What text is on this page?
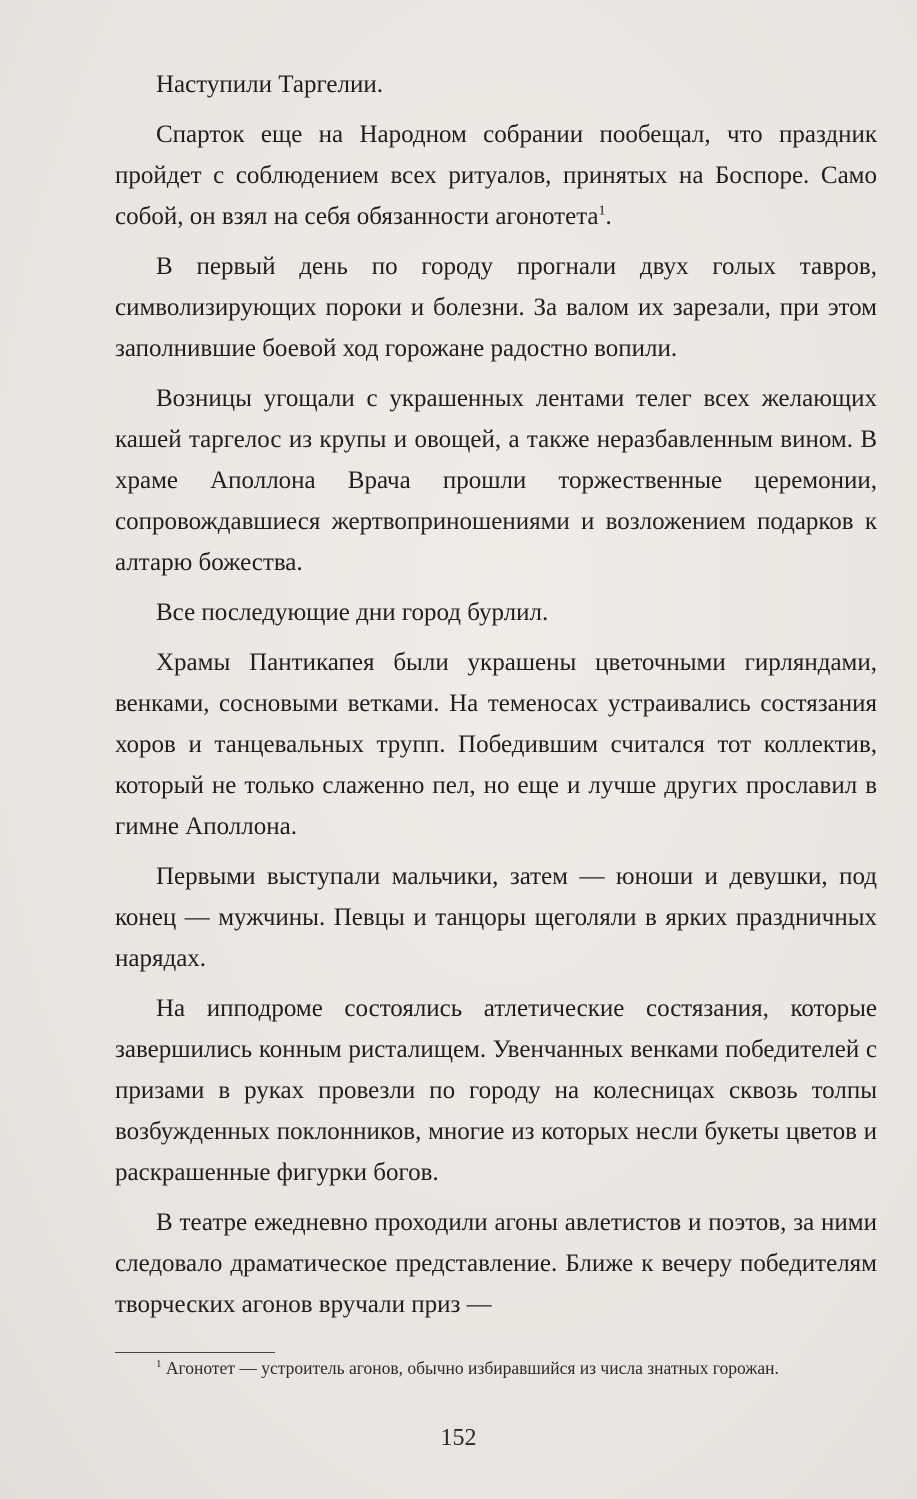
Наступили Таргелии.

Спарток еще на Народном собрании пообещал, что праздник пройдет с соблюдением всех ритуалов, принятых на Боспоре. Само собой, он взял на себя обязанности агонотета$^1$.

В первый день по городу прогнали двух голых тавров, символизирующих пороки и болезни. За валом их зарезали, при этом заполнившие боевой ход горожане радостно вопили.

Возницы угощали с украшенных лентами телег всех желающих кашей таргелос из крупы и овощей, а также неразбавленным вином. В храме Аполлона Врача прошли торжественные церемонии, сопровождавшиеся жертвоприношениями и возложением подарков к алтарю божества.

Все последующие дни город бурлил.

Храмы Пантикапея были украшены цветочными гирляндами, венками, сосновыми ветками. На теменосах устраивались состязания хоров и танцевальных трупп. Победившим считался тот коллектив, который не только слаженно пел, но еще и лучше других прославил в гимне Аполлона.

Первыми выступали мальчики, затем — юноши и девушки, под конец — мужчины. Певцы и танцоры щеголяли в ярких праздничных нарядах.

На ипподроме состоялись атлетические состязания, которые завершились конным ристалищем. Увенчанных венками победителей с призами в руках провезли по городу на колесницах сквозь толпы возбужденных поклонников, многие из которых несли букеты цветов и раскрашенные фигурки богов.

В театре ежедневно проходили агоны авлетистов и поэтов, за ними следовало драматическое представление. Ближе к вечеру победителям творческих агонов вручали приз —

$^1$ Агонотет — устроитель агонов, обычно избиравшийся из числа знатных горожан.
152
